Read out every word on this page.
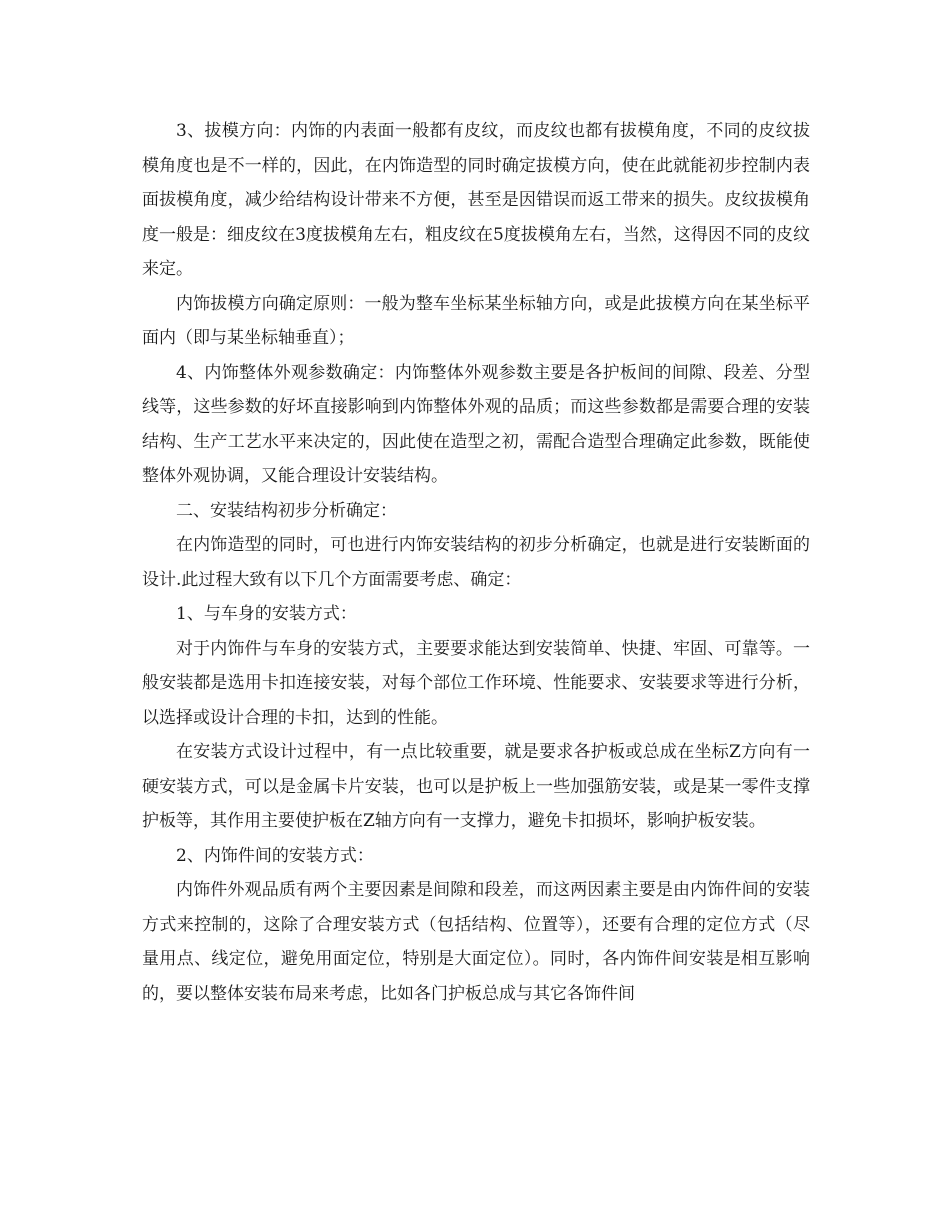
3、拔模方向：内饰的内表面一般都有皮纹，而皮纹也都有拔模角度，不同的皮纹拔模角度也是不一样的，因此，在内饰造型的同时确定拔模方向，使在此就能初步控制内表面拔模角度，减少给结构设计带来不方便，甚至是因错误而返工带来的损失。皮纹拔模角度一般是：细皮纹在3度拔模角左右，粗皮纹在5度拔模角左右，当然，这得因不同的皮纹来定。

内饰拔模方向确定原则：一般为整车坐标某坐标轴方向，或是此拔模方向在某坐标平面内（即与某坐标轴垂直）；

4、内饰整体外观参数确定：内饰整体外观参数主要是各护板间的间隙、段差、分型线等，这些参数的好坏直接影响到内饰整体外观的品质；而这些参数都是需要合理的安装结构、生产工艺水平来决定的，因此使在造型之初，需配合造型合理确定此参数，既能使整体外观协调，又能合理设计安装结构。

二、安装结构初步分析确定：

在内饰造型的同时，可也进行内饰安装结构的初步分析确定，也就是进行安装断面的设计.此过程大致有以下几个方面需要考虑、确定：

1、与车身的安装方式：

对于内饰件与车身的安装方式，主要要求能达到安装简单、快捷、牢固、可靠等。一般安装都是选用卡扣连接安装，对每个部位工作环境、性能要求、安装要求等进行分析，以选择或设计合理的卡扣，达到的性能。

在安装方式设计过程中，有一点比较重要，就是要求各护板或总成在坐标Z方向有一硬安装方式，可以是金属卡片安装，也可以是护板上一些加强筋安装，或是某一零件支撑护板等，其作用主要使护板在Z轴方向有一支撑力，避免卡扣损坏，影响护板安装。

2、内饰件间的安装方式：

内饰件外观品质有两个主要因素是间隙和段差，而这两因素主要是由内饰件间的安装方式来控制的，这除了合理安装方式（包括结构、位置等），还要有合理的定位方式（尽量用点、线定位，避免用面定位，特别是大面定位）。同时，各内饰件间安装是相互影响的，要以整体安装布局来考虑，比如各门护板总成与其它各饰件间
